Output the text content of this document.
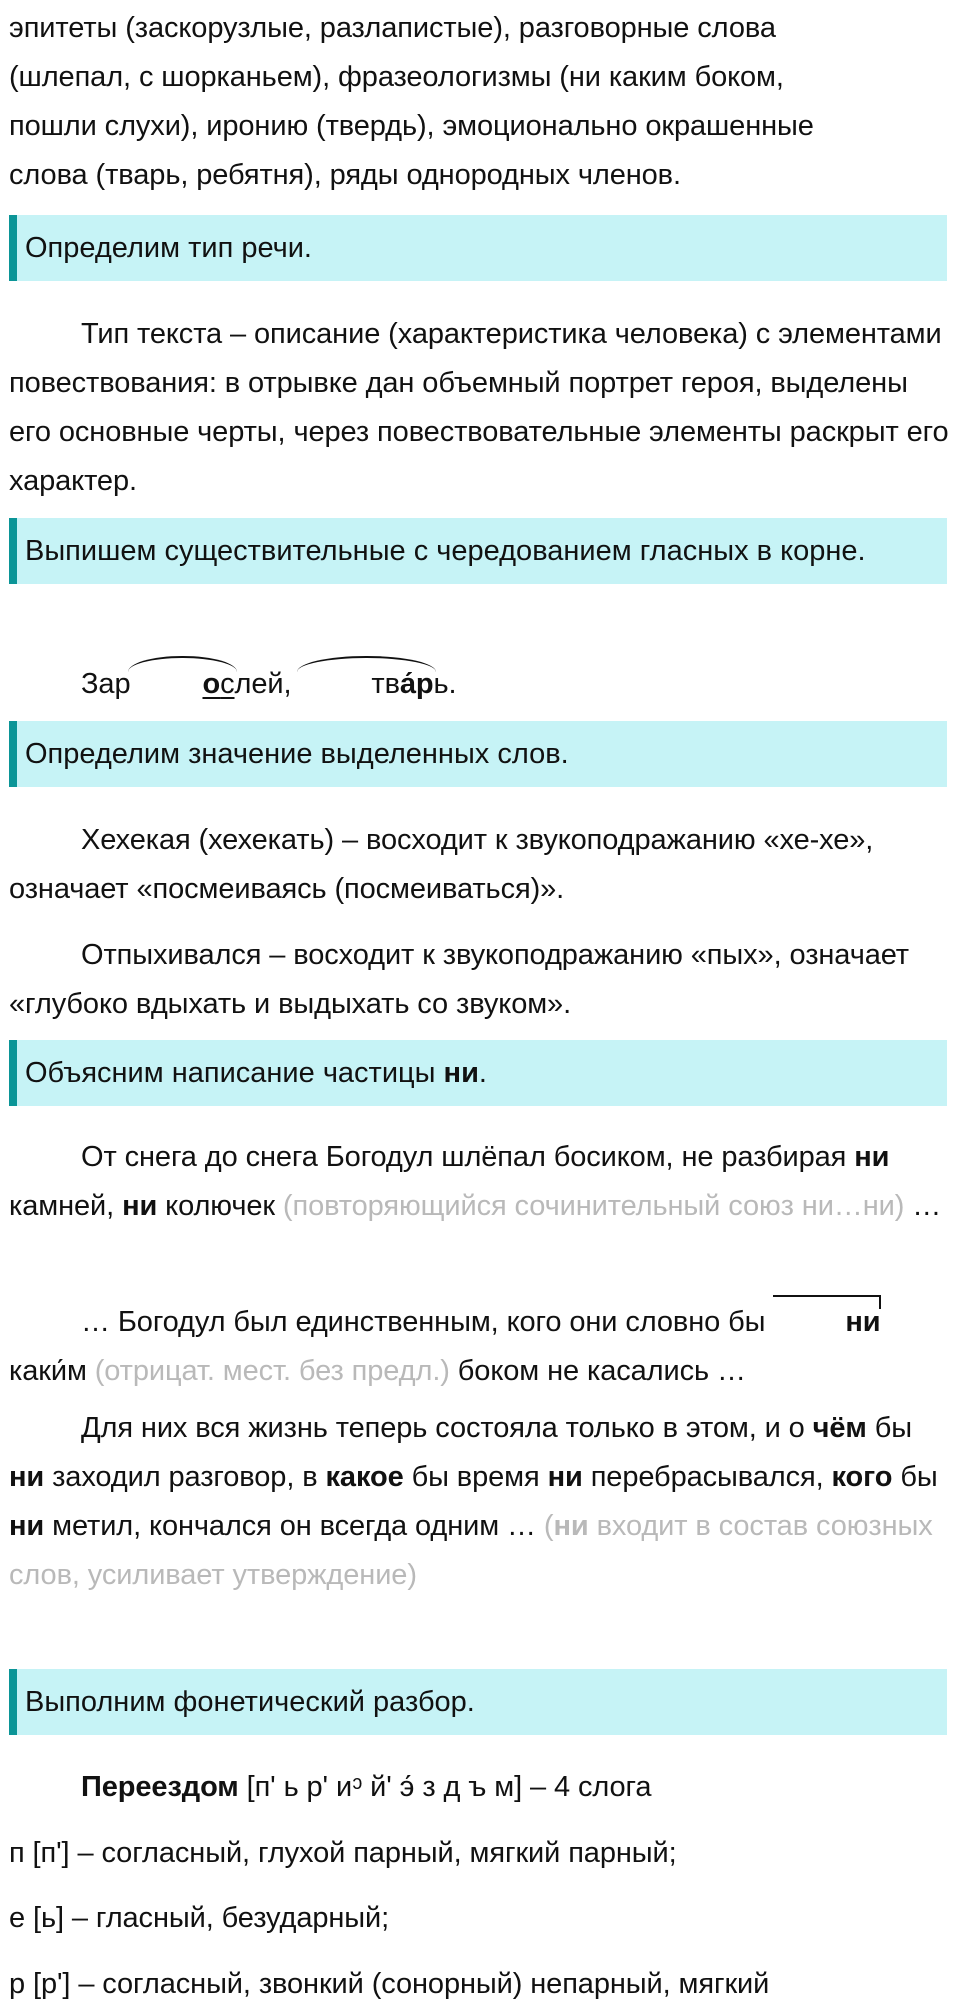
эпитеты (заскорузлые, разлапистые), разговорные слова
(шлепал, с шорканьем), фразеологизмы (ни каким боком,
пошли слухи), иронию (твердь), эмоционально окрашенные
слова (тварь, ребятня), ряды однородных членов.
Определим тип речи.

Тип текста – описание (характеристика человека) с элементами повествования: в отрывке дан объемный портрет героя, выделены его основные черты, через повествовательные элементы раскрыт его характер.

Выпишем существительные с чередованием гласных в корне.

Зар ослей, тва́рь.

Определим значение выделенных слов.

Хехекая (хехекать) – восходит к звукоподражанию «хе-хе», означает «посмеиваясь (посмеиваться)».

Отпыхивался – восходит к звукоподражанию «пых», означает «глубоко вдыхать и выдыхать со звуком».

Объясним написание частицы ни.

От снега до снега Богодул шлёпал босиком, не разбирая ни камней, ни колючек (повторяющийся сочинительный союз ни…ни) …

… Богодул был единственным, кого они словно бы	никаки́м (отрицат. мест. без предл.) боком не касались …

Для них вся жизнь теперь состояла только в этом, и о чём бы ни заходил разговор, в какое бы время ни перебрасывался, кого бы ни метил, кончался он всегда одним … (ни входит в состав союзных слов, усиливает утверждение)

Выполним фонетический разбор.

Переездом [п' ь р' иᵓ й' э́ з д ъ м] – 4 слога

п [п'] – согласный, глухой парный, мягкий парный;

е [ь] – гласный, безударный;

р [р'] – согласный, звонкий (сонорный) непарный, мягкий
